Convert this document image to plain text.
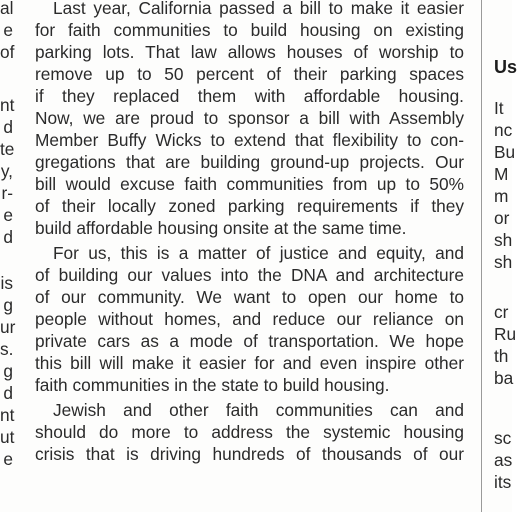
al
e
of
nt
d
te
y,
r-
e
d
is
g
ur
s.
g
d
nt
ut
e
Last year, California passed a bill to make it easier
for faith communities to build housing on existing
parking lots. That law allows houses of worship to
remove up to 50 percent of their parking spaces
if they replaced them with affordable housing.
Now, we are proud to sponsor a bill with Assembly
Member Buffy Wicks to extend that flexibility to con-
gregations that are building ground-up projects. Our
bill would excuse faith communities from up to 50%
of their locally zoned parking requirements if they
build affordable housing onsite at the same time.
For us, this is a matter of justice and equity, and
of building our values into the DNA and architecture
of our community. We want to open our home to
people without homes, and reduce our reliance on
private cars as a mode of transportation. We hope
this bill will make it easier for and even inspire other
faith communities in the state to build housing.
Jewish and other faith communities can and
should do more to address the systemic housing
crisis that is driving hundreds of thousands of our
Us
It
nc
Bu
M
m
or
sh
sh
cr
Ru
th
ba
sc
as
its
